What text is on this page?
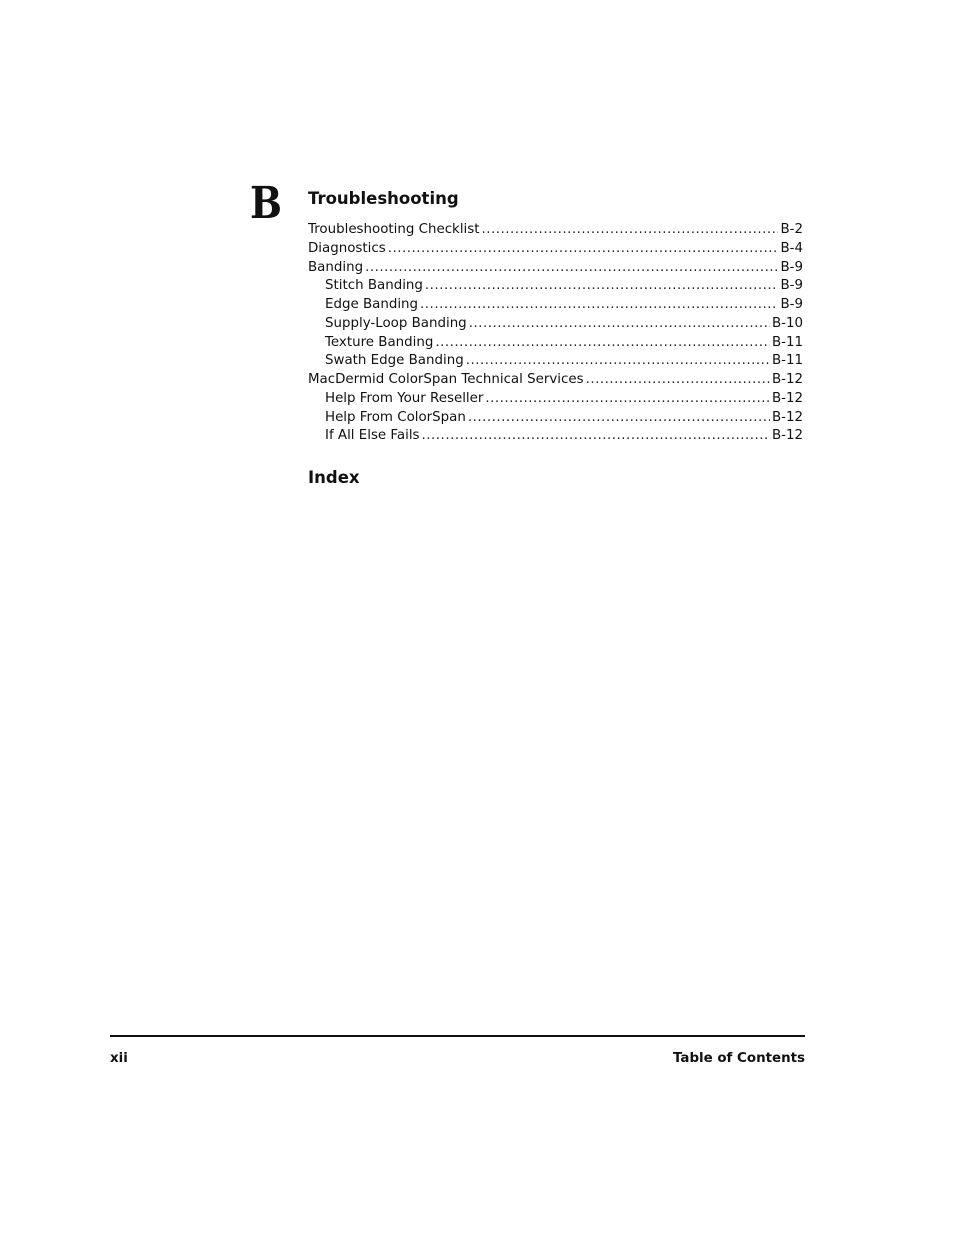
B Troubleshooting
Troubleshooting Checklist .....	B-2
Diagnostics .....	B-4
Banding .....	B-9
Stitch Banding .....	B-9
Edge Banding .....	B-9
Supply-Loop Banding .....	B-10
Texture Banding .....	B-11
Swath Edge Banding .....	B-11
MacDermid ColorSpan Technical Services .....	B-12
Help From Your Reseller .....	B-12
Help From ColorSpan .....	B-12
If All Else Fails .....	B-12
Index
xii	Table of Contents
